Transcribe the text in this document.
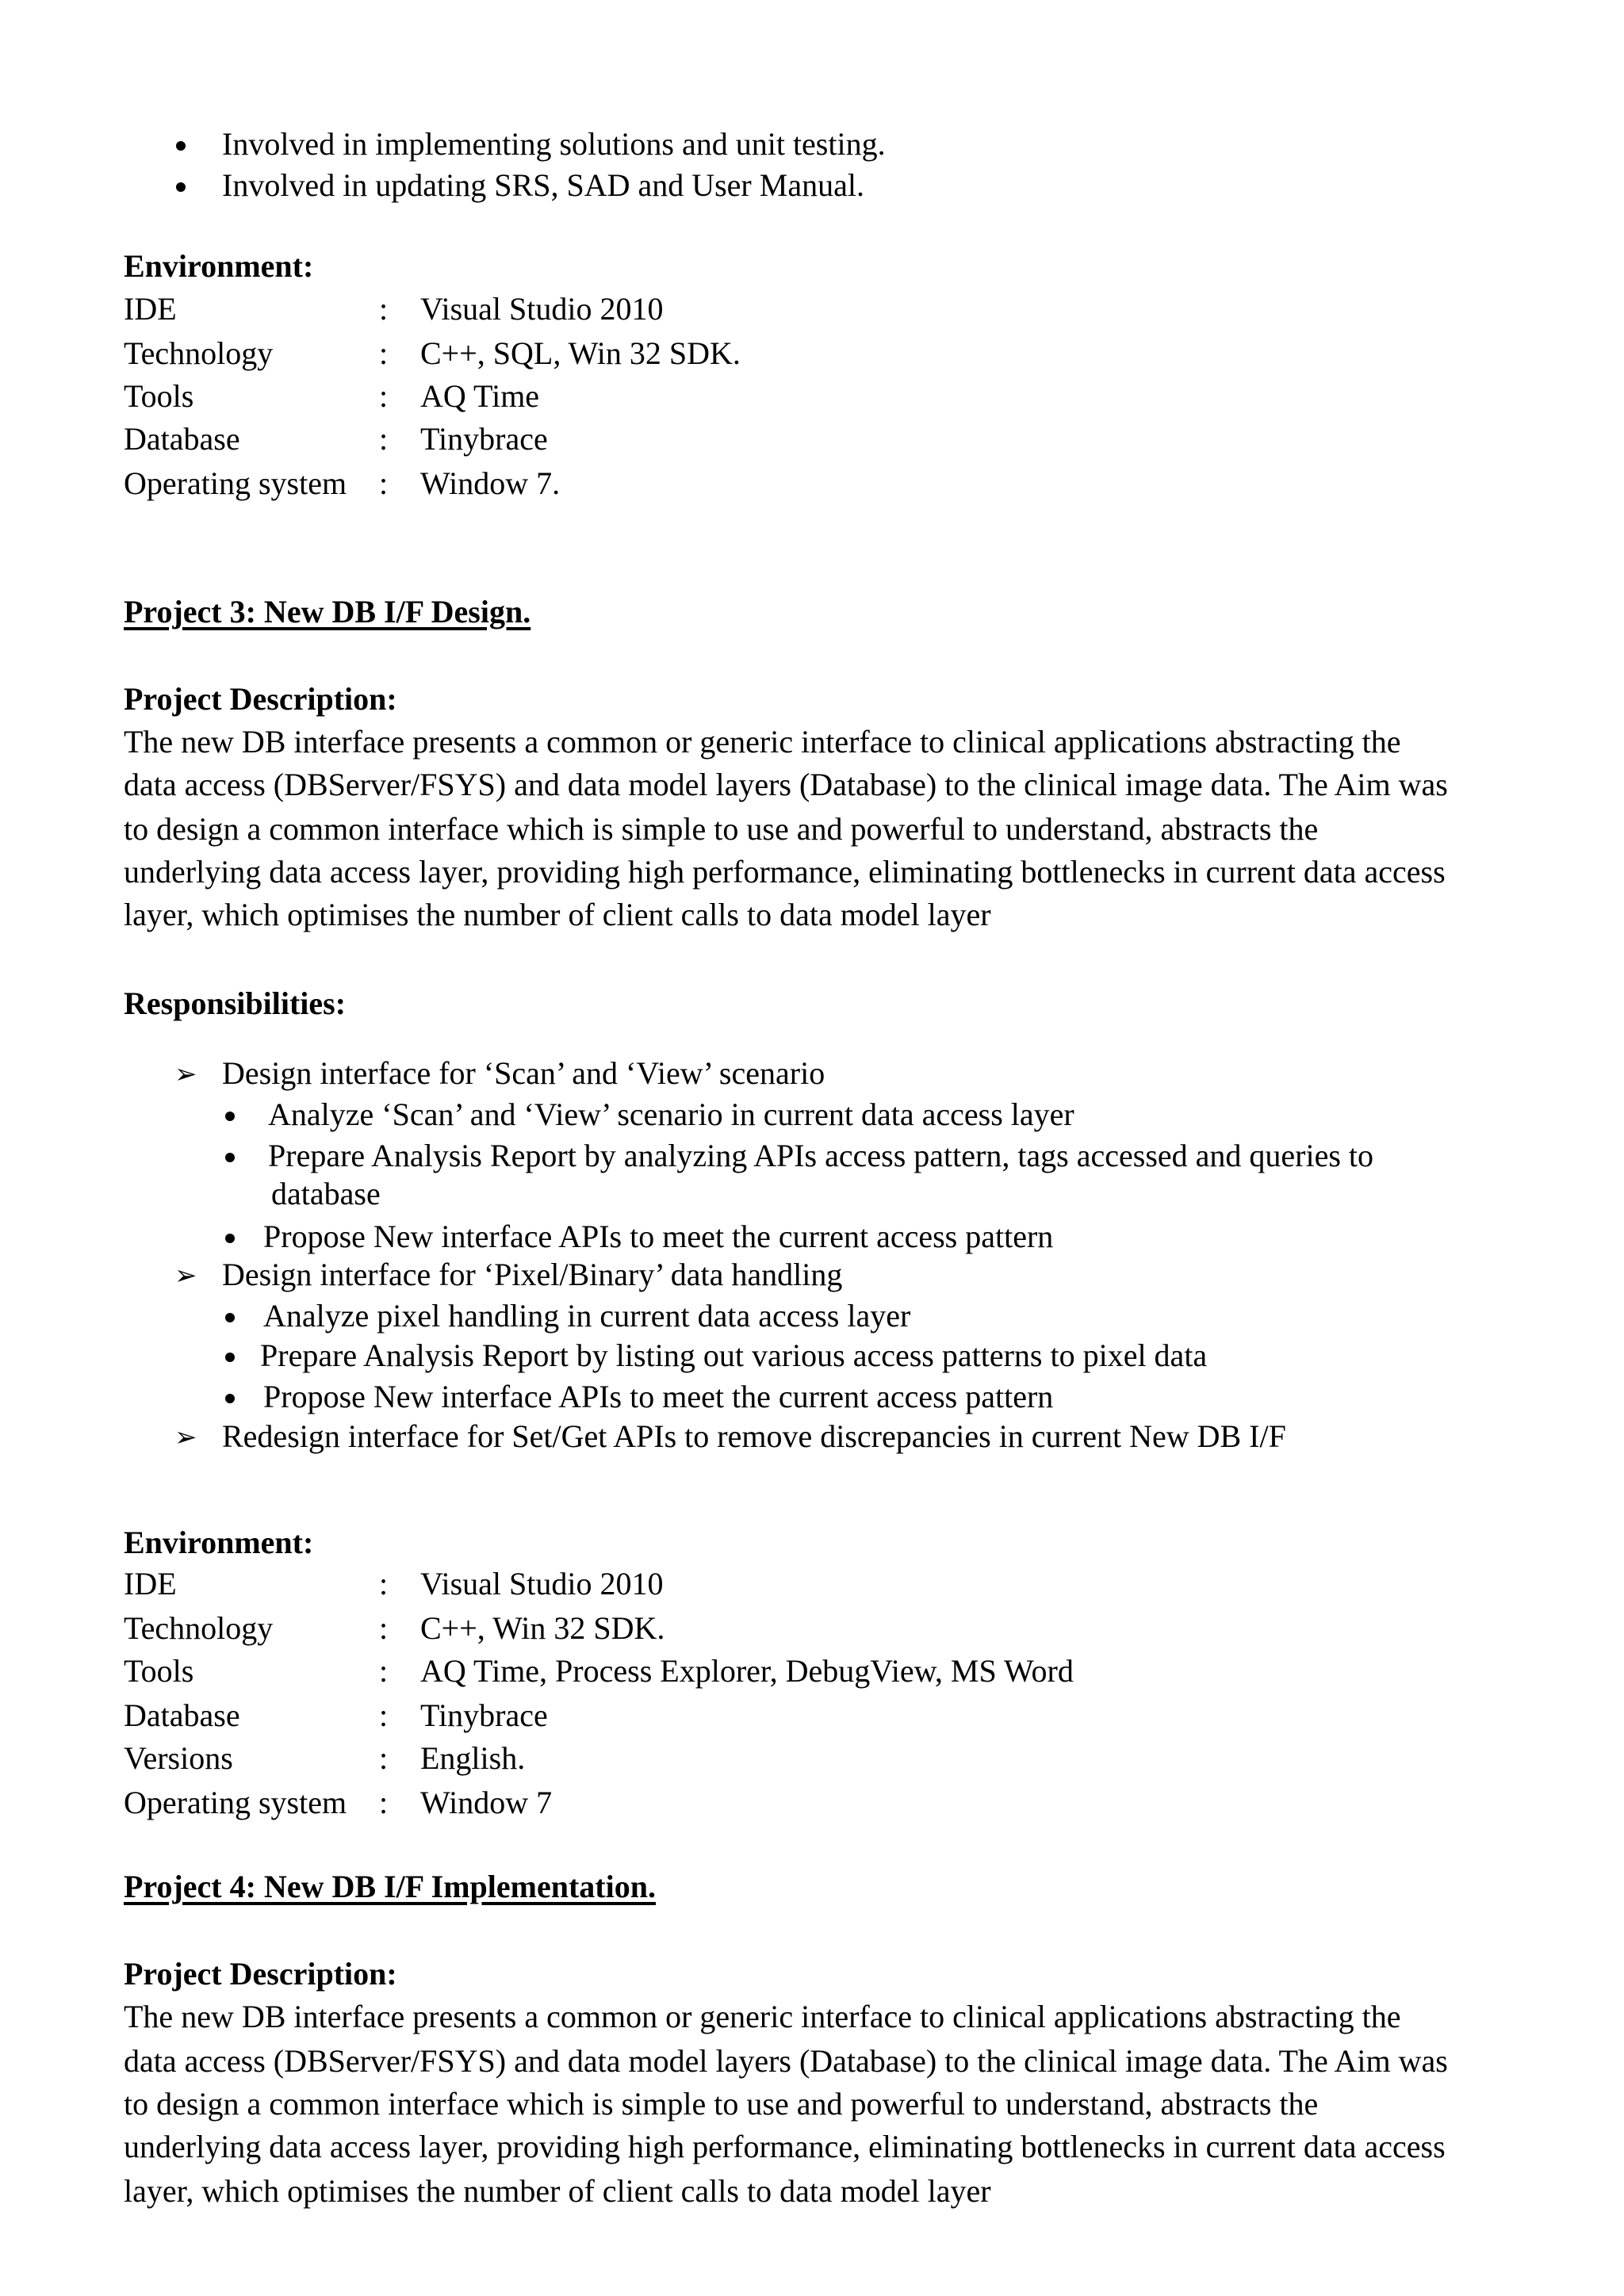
Involved in implementing solutions and unit testing.
Involved in updating SRS, SAD and User Manual.
Environment:
IDE	: Visual Studio 2010
Technology	: C++, SQL, Win 32 SDK.
Tools	: AQ Time
Database	: Tinybrace
Operating system : Window 7.
Project 3: New DB I/F Design.
Project Description:
The new DB interface presents a common or generic interface to clinical applications abstracting the
data access (DBServer/FSYS) and data model layers (Database) to the clinical image data. The Aim was
to design a common interface which is simple to use and powerful to understand, abstracts the
underlying data access layer, providing high performance, eliminating bottlenecks in current data access
layer, which optimises the number of client calls to data model layer
Responsibilities:
➢ Design interface for ‘Scan’ and ‘View’ scenario
Analyze ‘Scan’ and ‘View’ scenario in current data access layer
Prepare Analysis Report by analyzing APIs access pattern, tags accessed and queries to
database
Propose New interface APIs to meet the current access pattern
➢ Design interface for ‘Pixel/Binary’ data handling
Analyze pixel handling in current data access layer
Prepare Analysis Report by listing out various access patterns to pixel data
Propose New interface APIs to meet the current access pattern
➢ Redesign interface for Set/Get APIs to remove discrepancies in current New DB I/F
Environment:
IDE	: Visual Studio 2010
Technology	: C++, Win 32 SDK.
Tools	: AQ Time, Process Explorer, DebugView, MS Word
Database	: Tinybrace
Versions	: English.
Operating system : Window 7
Project 4: New DB I/F Implementation.
Project Description:
The new DB interface presents a common or generic interface to clinical applications abstracting the
data access (DBServer/FSYS) and data model layers (Database) to the clinical image data. The Aim was
to design a common interface which is simple to use and powerful to understand, abstracts the
underlying data access layer, providing high performance, eliminating bottlenecks in current data access
layer, which optimises the number of client calls to data model layer
